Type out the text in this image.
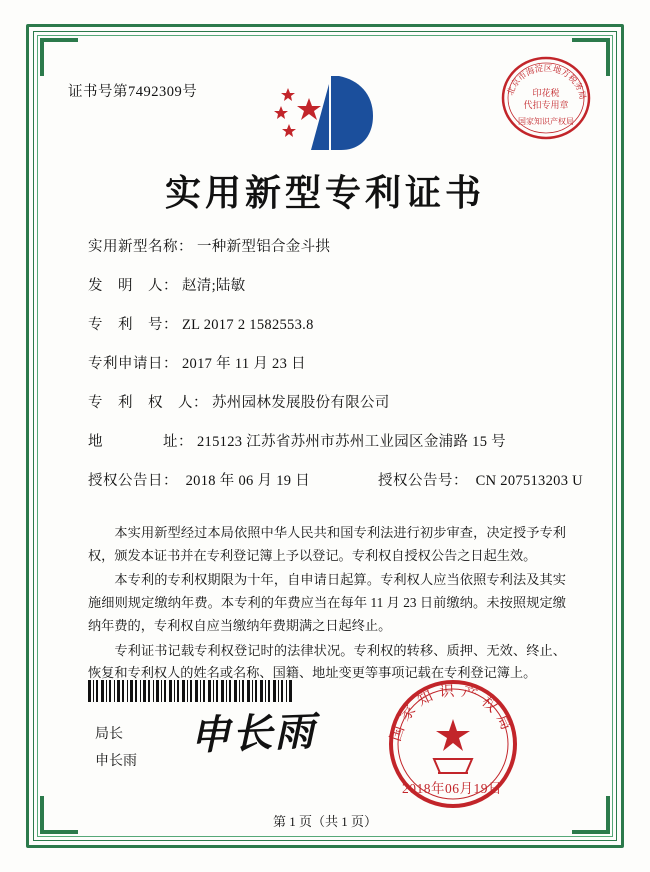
证书号第7492309号	北京市海淀区地方税务局
印花税
代扣专用章
国家知识产权局
实用新型专利证书
实用新型名称： 一种新型铝合金斗拱
发　明　人： 赵清;陆敏
专　利　号： ZL 2017 2 1582553.8
专利申请日： 2017 年 11 月 23 日
专　利　权　人： 苏州园林发展股份有限公司
地　　　　址： 215123 江苏省苏州市苏州工业园区金浦路 15 号
授权公告日： 2018 年 06 月 19 日	授权公告号： CN 207513203 U

本实用新型经过本局依照中华人民共和国专利法进行初步审查，决定授予专利权，颁发本证书并在专利登记簿上予以登记。专利权自授权公告之日起生效。

本专利的专利权期限为十年，自申请日起算。专利权人应当依照专利法及其实施细则规定缴纳年费。本专利的年费应当在每年 11 月 23 日前缴纳。未按照规定缴纳年费的，专利权自应当缴纳年费期满之日起终止。

专利证书记载专利权登记时的法律状况。专利权的转移、质押、无效、终止、恢复和专利权人的姓名或名称、国籍、地址变更等事项记载在专利登记簿上。

局长
申长雨
申长雨	国家知识产权局
2018年06月19日
第 1 页（共 1 页）
